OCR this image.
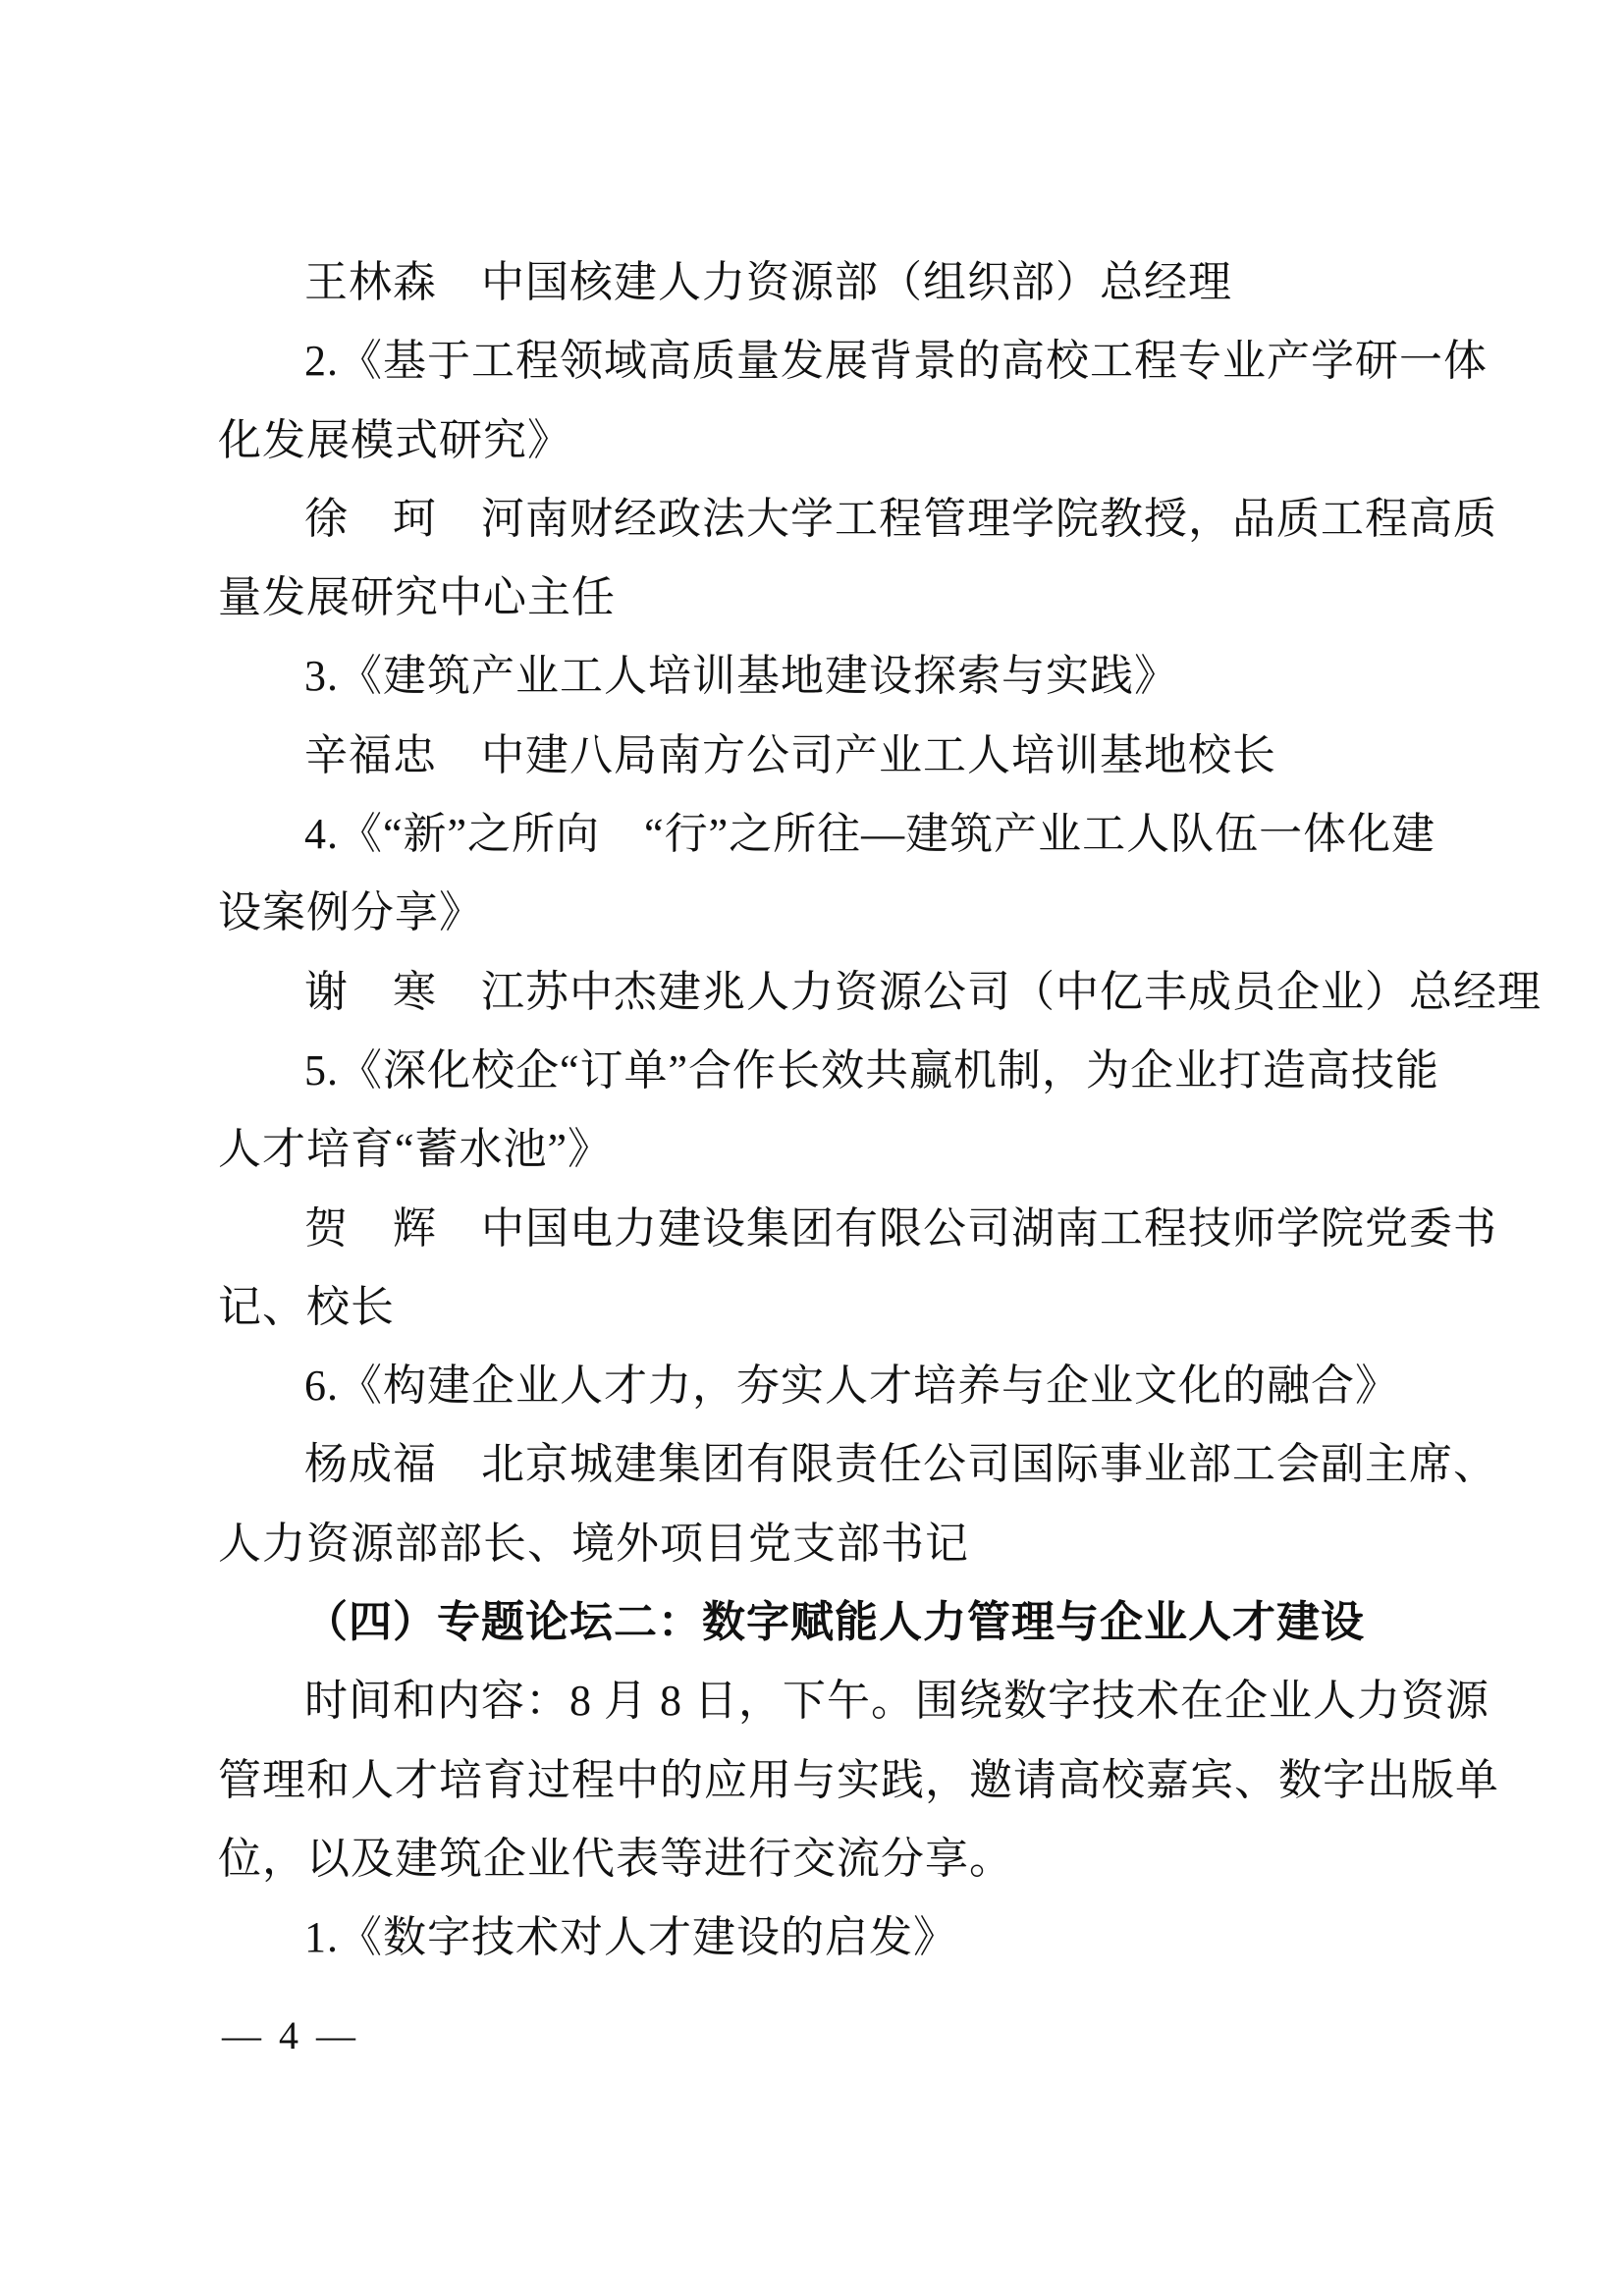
王林森　中国核建人力资源部（组织部）总经理
2.《基于工程领域高质量发展背景的高校工程专业产学研一体
化发展模式研究》
徐　珂　河南财经政法大学工程管理学院教授，品质工程高质
量发展研究中心主任
3.《建筑产业工人培训基地建设探索与实践》
辛福忠　中建八局南方公司产业工人培训基地校长
4.《“新”之所向　“行”之所往—建筑产业工人队伍一体化建
设案例分享》
谢　寒　江苏中杰建兆人力资源公司（中亿丰成员企业）总经理
5.《深化校企“订单”合作长效共赢机制，为企业打造高技能
人才培育“蓄水池”》
贺　辉　中国电力建设集团有限公司湖南工程技师学院党委书
记、校长
6.《构建企业人才力，夯实人才培养与企业文化的融合》
杨成福　北京城建集团有限责任公司国际事业部工会副主席、
人力资源部部长、境外项目党支部书记
（四）专题论坛二：数字赋能人力管理与企业人才建设
时间和内容：8 月 8 日，下午。围绕数字技术在企业人力资源
管理和人才培育过程中的应用与实践，邀请高校嘉宾、数字出版单
位，以及建筑企业代表等进行交流分享。
1.《数字技术对人才建设的启发》
— 4 —
